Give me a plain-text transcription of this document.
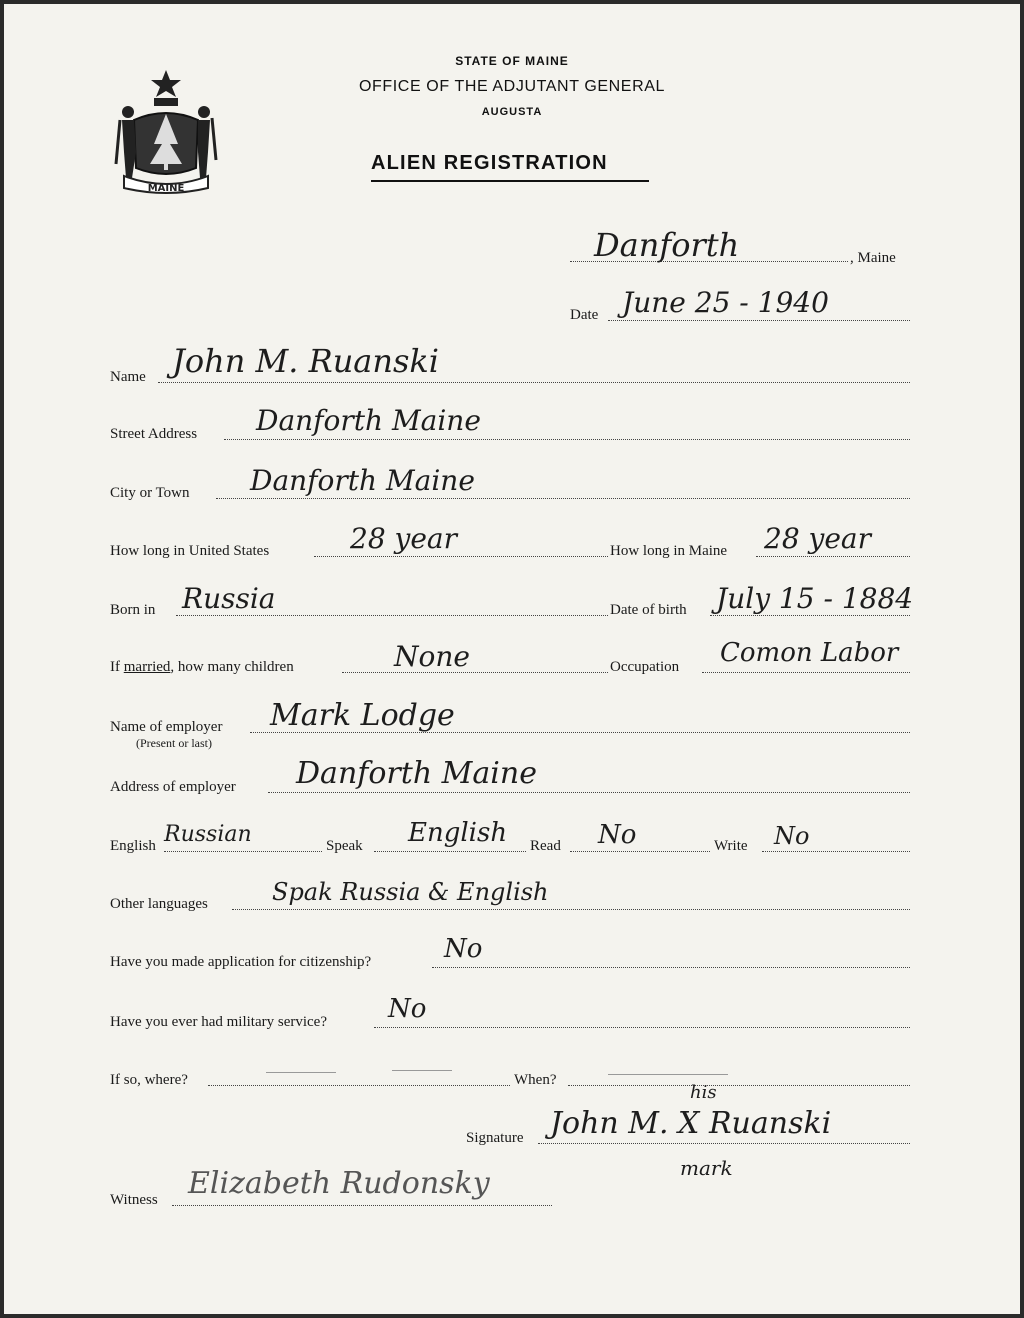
MAINE
STATE OF MAINE
OFFICE OF THE ADJUTANT GENERAL
AUGUSTA
ALIEN REGISTRATION
Danforth	, Maine
Date June 25 - 1940
Name John M. Ruanski
Street Address Danforth Maine
City or Town Danforth Maine
How long in United States	28 year	How long in Maine 28 year
Born in Russia	Date of birth July 15 - 1884
If married, how many children	None	Occupation Comon Labor
Name of employer
(Present or last)
Mark Lodge
Address of employer Danforth Maine
English Russian	Speak English Read No	Write No
Other languages	Spak Russia & English
Have you made application for citizenship?	No
Have you ever had military service? No
If so, where?	When?
his
Signature John M. X Ruanski
mark
Witness Elizabeth Rudonsky
